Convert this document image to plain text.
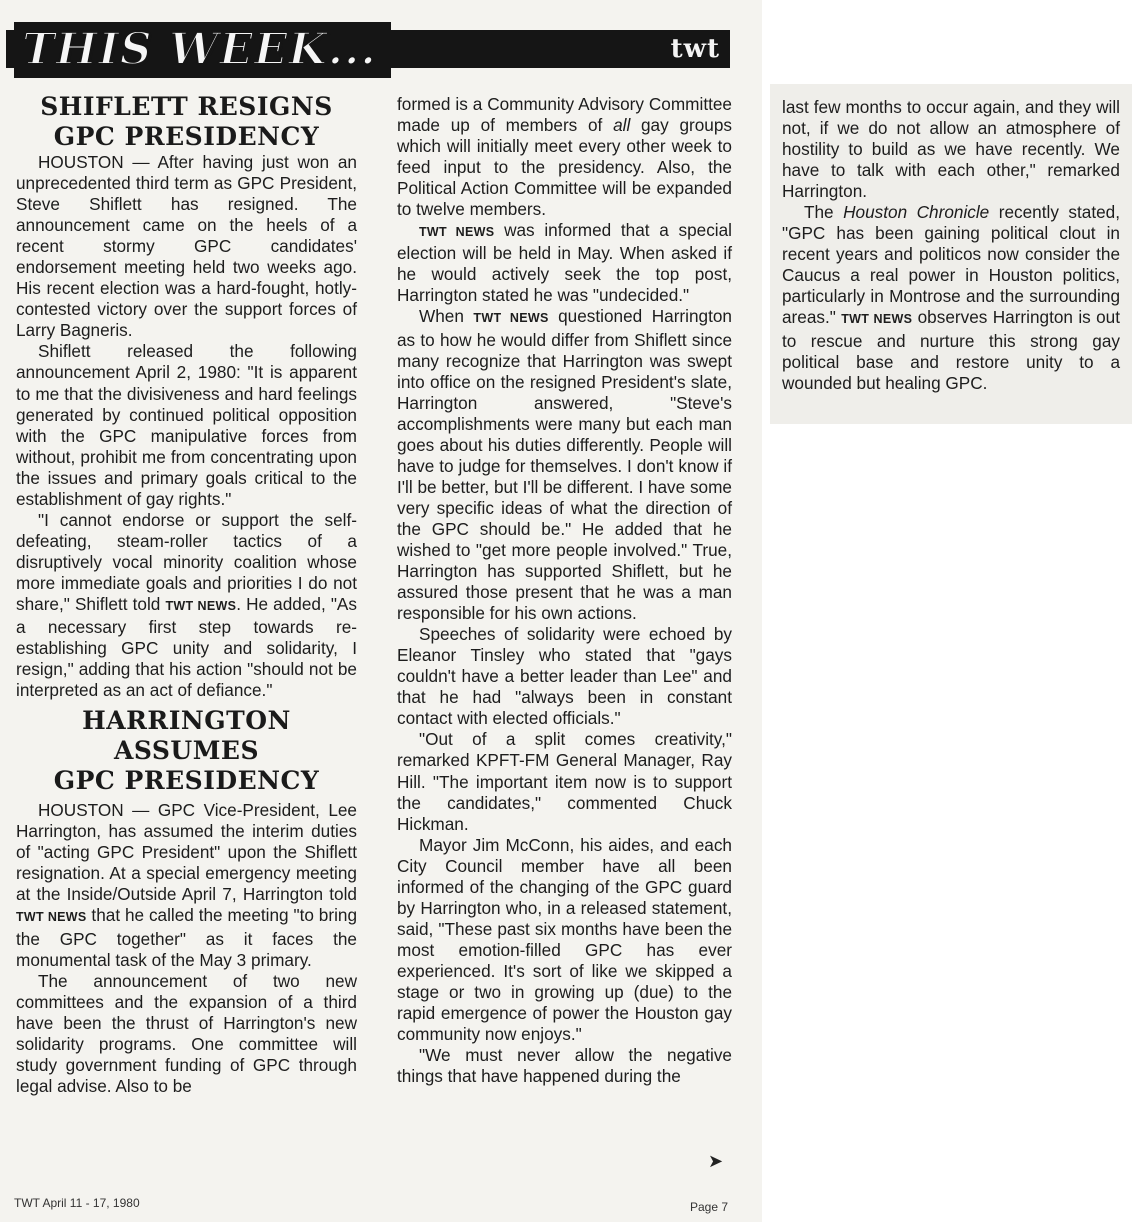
THIS WEEK...	twt
SHIFLETT RESIGNS
GPC PRESIDENCY

HOUSTON — After having just won an unprecedented third term as GPC President, Steve Shiflett has resigned. The announcement came on the heels of a recent stormy GPC candidates' endorsement meeting held two weeks ago. His recent election was a hard-fought, hotly-contested victory over the support forces of Larry Bagneris.

Shiflett released the following announcement April 2, 1980: "It is apparent to me that the divisiveness and hard feelings generated by continued political opposition with the GPC manipulative forces from without, prohibit me from concentrating upon the issues and primary goals critical to the establishment of gay rights."

"I cannot endorse or support the self-defeating, steam-roller tactics of a disruptively vocal minority coalition whose more immediate goals and priorities I do not share," Shiflett told TWT NEWS. He added, "As a necessary first step towards re-establishing GPC unity and solidarity, I resign," adding that his action "should not be interpreted as an act of defiance."

HARRINGTON
ASSUMES
GPC PRESIDENCY

HOUSTON — GPC Vice-President, Lee Harrington, has assumed the interim duties of "acting GPC President" upon the Shiflett resignation. At a special emergency meeting at the Inside/Outside April 7, Harrington told TWT NEWS that he called the meeting "to bring the GPC together" as it faces the monumental task of the May 3 primary.

The announcement of two new committees and the expansion of a third have been the thrust of Harrington's new solidarity programs. One committee will study government funding of GPC through legal advise. Also to be

formed is a Community Advisory Committee made up of members of all gay groups which will initially meet every other week to feed input to the presidency. Also, the Political Action Committee will be expanded to twelve members.

TWT NEWS was informed that a special election will be held in May. When asked if he would actively seek the top post, Harrington stated he was "undecided."

When TWT NEWS questioned Harrington as to how he would differ from Shiflett since many recognize that Harrington was swept into office on the resigned President's slate, Harrington answered, "Steve's accomplishments were many but each man goes about his duties differently. People will have to judge for themselves. I don't know if I'll be better, but I'll be different. I have some very specific ideas of what the direction of the GPC should be." He added that he wished to "get more people involved." True, Harrington has supported Shiflett, but he assured those present that he was a man responsible for his own actions.

Speeches of solidarity were echoed by Eleanor Tinsley who stated that "gays couldn't have a better leader than Lee" and that he had "always been in constant contact with elected officials."

"Out of a split comes creativity," remarked KPFT-FM General Manager, Ray Hill. "The important item now is to support the candidates," commented Chuck Hickman.

Mayor Jim McConn, his aides, and each City Council member have all been informed of the changing of the GPC guard by Harrington who, in a released statement, said, "These past six months have been the most emotion-filled GPC has ever experienced. It's sort of like we skipped a stage or two in growing up (due) to the rapid emergence of power the Houston gay community now enjoys."

"We must never allow the negative things that have happened during the

➤

last few months to occur again, and they will not, if we do not allow an atmosphere of hostility to build as we have recently. We have to talk with each other," remarked Harrington.

The Houston Chronicle recently stated, "GPC has been gaining political clout in recent years and politicos now consider the Caucus a real power in Houston politics, particularly in Montrose and the surrounding areas." TWT NEWS observes Harrington is out to rescue and nurture this strong gay political base and restore unity to a wounded but healing GPC.

TWT April 11 - 17, 1980	Page 7
